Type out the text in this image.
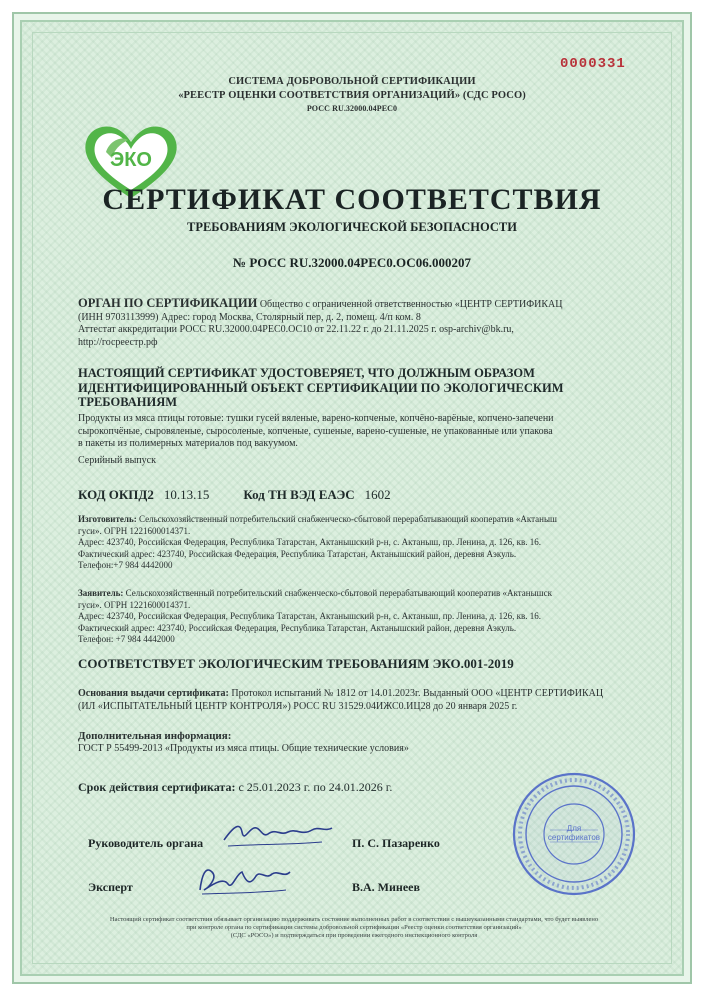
СИСТЕМА ДОБРОВОЛЬНОЙ СЕРТИФИКАЦИИ
«РЕЕСТР ОЦЕНКИ СООТВЕТСТВИЯ ОРГАНИЗАЦИЙ» (СДС РОСО)
РОСС RU.32000.04РЕС0
0000331
ЭКО
СЕРТИФИКАТ СООТВЕТСТВИЯ
ТРЕБОВАНИЯМ ЭКОЛОГИЧЕСКОЙ БЕЗОПАСНОСТИ
№ РОСС RU.32000.04РЕС0.ОС06.000207
ОРГАН ПО СЕРТИФИКАЦИИ Общество с ограниченной ответственностью «ЦЕНТР СЕРТИФИКАЦ
(ИНН 9703113999) Адрес: город Москва, Столярный пер, д. 2, помещ. 4/п ком. 8
Аттестат аккредитации РОСС RU.32000.04РЕС0.ОС10 от 22.11.22 г. до 21.11.2025 г. osp-archiv@bk.ru,
http://госреестр.рф
НАСТОЯЩИЙ СЕРТИФИКАТ УДОСТОВЕРЯЕТ, ЧТО ДОЛЖНЫМ ОБРАЗОМ
ИДЕНТИФИЦИРОВАННЫЙ ОБЪЕКТ СЕРТИФИКАЦИИ ПО ЭКОЛОГИЧЕСКИМ
ТРЕБОВАНИЯМ
Продукты из мяса птицы готовые: тушки гусей вяленые, варено-копченые, копчёно-варёные, копчено-запечени
сырокопчёные, сыровяленые, сыросоленые, копченые, сушеные, варено-сушеные, не упакованные или упакова
в пакеты из полимерных материалов под вакуумом.
Серийный выпуск
КОД ОКПД2 10.13.15	Код ТН ВЭД ЕАЭС 1602
Изготовитель: Сельскохозяйственный потребительский снабженческо-сбытовой перерабатывающий кооператив «Актаныш
гуси». ОГРН 1221600014371.
Адрес: 423740, Российская Федерация, Республика Татарстан, Актанышский р-н, с. Актаныш, пр. Ленина, д. 126, кв. 16.
Фактический адрес: 423740, Российская Федерация, Республика Татарстан, Актанышский район, деревня Аэкуль.
Телефон:+7 984 4442000
Заявитель: Сельскохозяйственный потребительский снабженческо-сбытовой перерабатывающий кооператив «Актанышск
гуси». ОГРН 1221600014371.
Адрес: 423740, Российская Федерация, Республика Татарстан, Актанышский р-н, с. Актаныш, пр. Ленина, д. 126, кв. 16.
Фактический адрес: 423740, Российская Федерация, Республика Татарстан, Актанышский район, деревня Аэкуль.
Телефон: +7 984 4442000
СООТВЕТСТВУЕТ ЭКОЛОГИЧЕСКИМ ТРЕБОВАНИЯМ ЭКО.001-2019
Основания выдачи сертификата: Протокол испытаний № 1812 от 14.01.2023г. Выданный ООО «ЦЕНТР СЕРТИФИКАЦ
(ИЛ «ИСПЫТАТЕЛЬНЫЙ ЦЕНТР КОНТРОЛЯ») РОСС RU 31529.04ИЖС0.ИЦ28 до 20 января 2025 г.
Дополнительная информация:
ГОСТ Р 55499-2013 «Продукты из мяса птицы. Общие технические условия»
Срок действия сертификата: с 25.01.2023 г. по 24.01.2026 г.
Руководитель органа	П. С. Пазаренко
Эксперт	В.А. Минеев
Для сертификатов
Настоящий сертификат соответствия обязывает организацию поддерживать состояние выполненных работ в соответствии с вышеуказанными стандартами, что будет выявлено
при контроле органа по сертификации системы добровольной сертификации «Реестр оценки соответствия организаций»
(СДС «РОСО») и подтверждаться при проведении ежегодного инспекционного контроля
